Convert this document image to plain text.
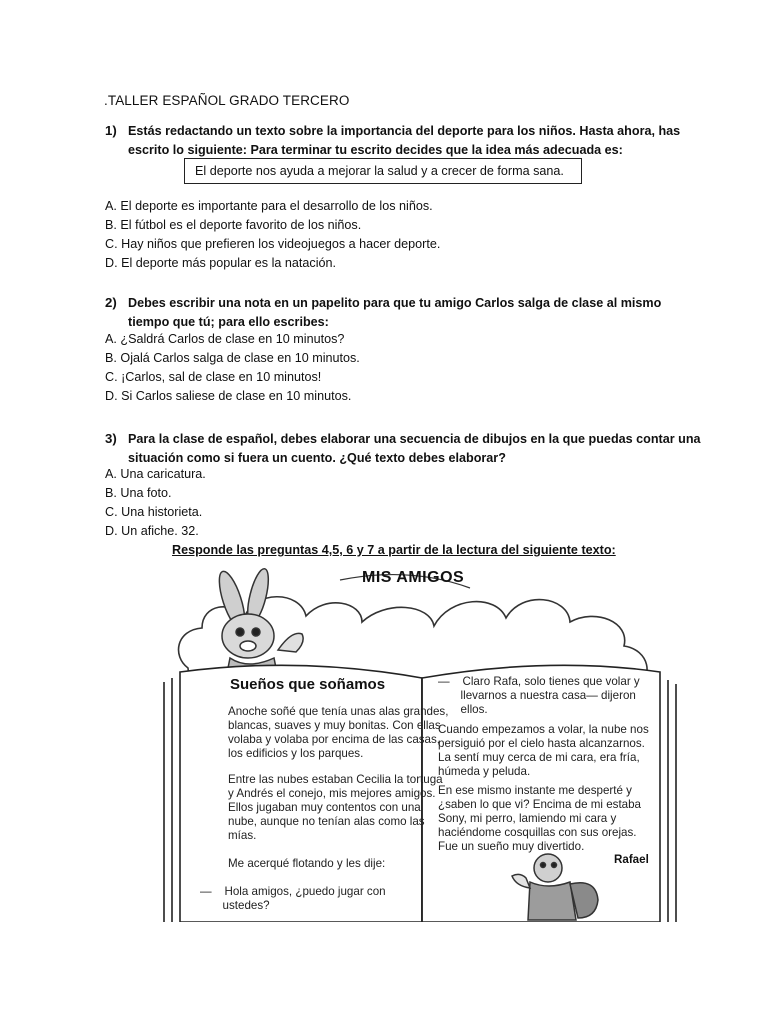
.TALLER ESPAÑOL GRADO TERCERO
1) Estás redactando un texto sobre la importancia del deporte para los niños. Hasta ahora, has
escrito lo siguiente: Para terminar tu escrito decides que la idea más adecuada es:
El deporte nos ayuda a mejorar la salud y a crecer de forma sana.
A. El deporte es importante para el desarrollo de los niños.
B. El fútbol es el deporte favorito de los niños.
C. Hay niños que prefieren los videojuegos a hacer deporte.
D. El deporte más popular es la natación.
2) Debes escribir una nota en un papelito para que tu amigo Carlos salga de clase al mismo
tiempo que tú; para ello escribes:
A. ¿Saldrá Carlos de clase en 10 minutos?
B. Ojalá Carlos salga de clase en 10 minutos.
C. ¡Carlos, sal de clase en 10 minutos!
D. Si Carlos saliese de clase en 10 minutos.
3) Para la clase de español, debes elaborar una secuencia de dibujos en la que puedas contar una
situación como si fuera un cuento. ¿Qué texto debes elaborar?
A. Una caricatura.
B. Una foto.
C. Una historieta.
D. Un afiche. 32.
Responde las preguntas 4,5, 6 y 7 a partir de la lectura del siguiente texto:
MIS AMIGOS
Sueños que soñamos
Anoche soñé que tenía unas alas grandes,
blancas, suaves y muy bonitas. Con ellas
volaba y volaba por encima de las casas,
los edificios y los parques.
Entre las nubes estaban Cecilia la tortuga
y Andrés el conejo, mis mejores amigos.
Ellos jugaban muy contentos con una
nube, aunque no tenían alas como las
mías.
Me acerqué flotando y les dije:
—    Hola amigos, ¿puedo jugar con
ustedes?
—    Claro Rafa, solo tienes que volar y
llevarnos a nuestra casa— dijeron
ellos.
Cuando empezamos a volar, la nube nos
persiguió por el cielo hasta alcanzarnos.
La sentí muy cerca de mi cara, era fría,
húmeda y peluda.
En ese mismo instante me desperté y
¿saben lo que vi? Encima de mi estaba
Sony, mi perro, lamiendo mi cara y
haciéndome cosquillas con sus orejas.
Fue un sueño muy divertido.
Rafael
